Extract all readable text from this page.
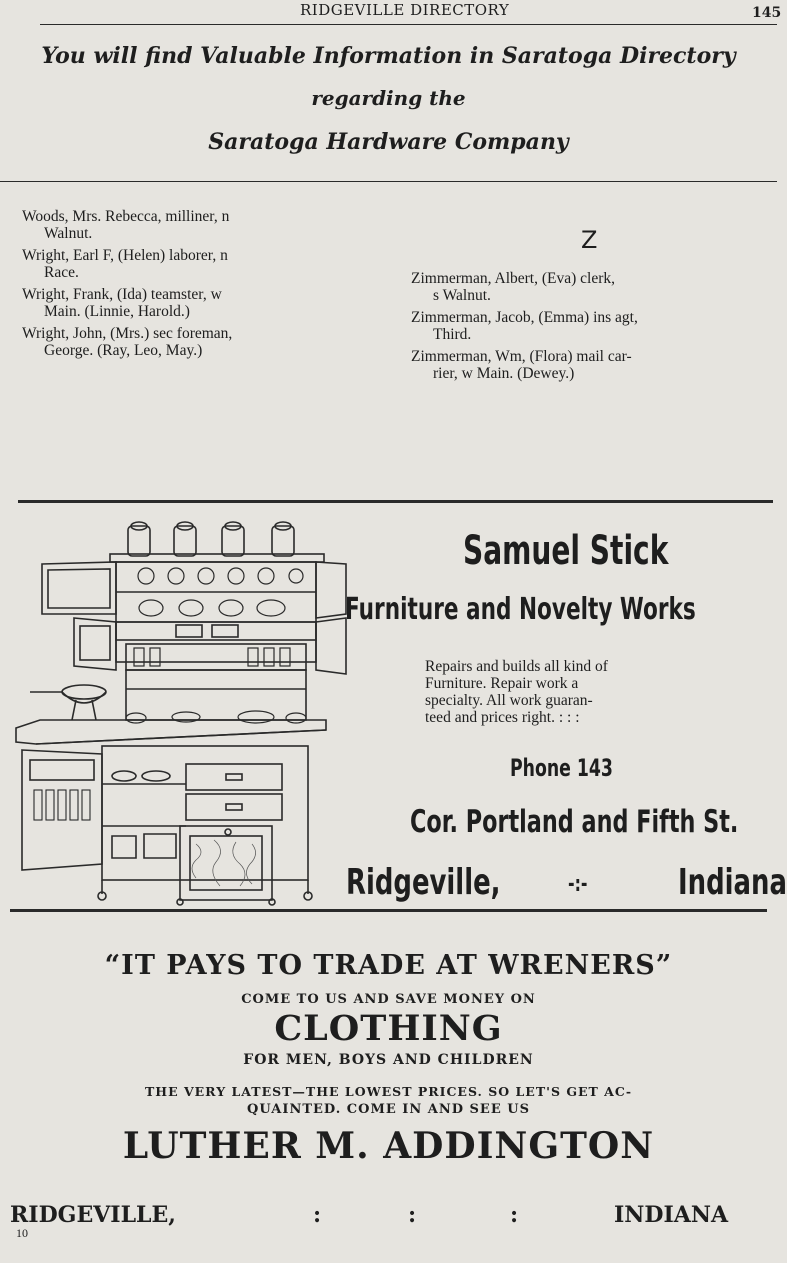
RIDGEVILLE DIRECTORY	145
You will find Valuable Information in Saratoga Directory
regarding the
Saratoga Hardware Company
Woods, Mrs. Rebecca, milliner, n
Walnut.
Wright, Earl F, (Helen) laborer, n
Race.
Wright, Frank, (Ida) teamster, w
Main. (Linnie, Harold.)
Wright, John, (Mrs.) sec foreman,
George. (Ray, Leo, May.)
Z
Zimmerman, Albert, (Eva) clerk,
s Walnut.
Zimmerman, Jacob, (Emma) ins agt,
Third.
Zimmerman, Wm, (Flora) mail car-
rier, w Main. (Dewey.)
Samuel Stick
Furniture and Novelty Works
Repairs and builds all kind of
Furniture. Repair work a
specialty. All work guaran-
teed and prices right. : : :
Phone 143
Cor. Portland and Fifth St.
Ridgeville,	-:-	Indiana
“IT PAYS TO TRADE AT WRENERS”
COME TO US AND SAVE MONEY ON
CLOTHING
FOR MEN, BOYS AND CHILDREN
THE VERY LATEST—THE LOWEST PRICES. SO LET'S GET AC-
QUAINTED. COME IN AND SEE US
LUTHER M. ADDINGTON
RIDGEVILLE,	:	:	:	INDIANA
10
